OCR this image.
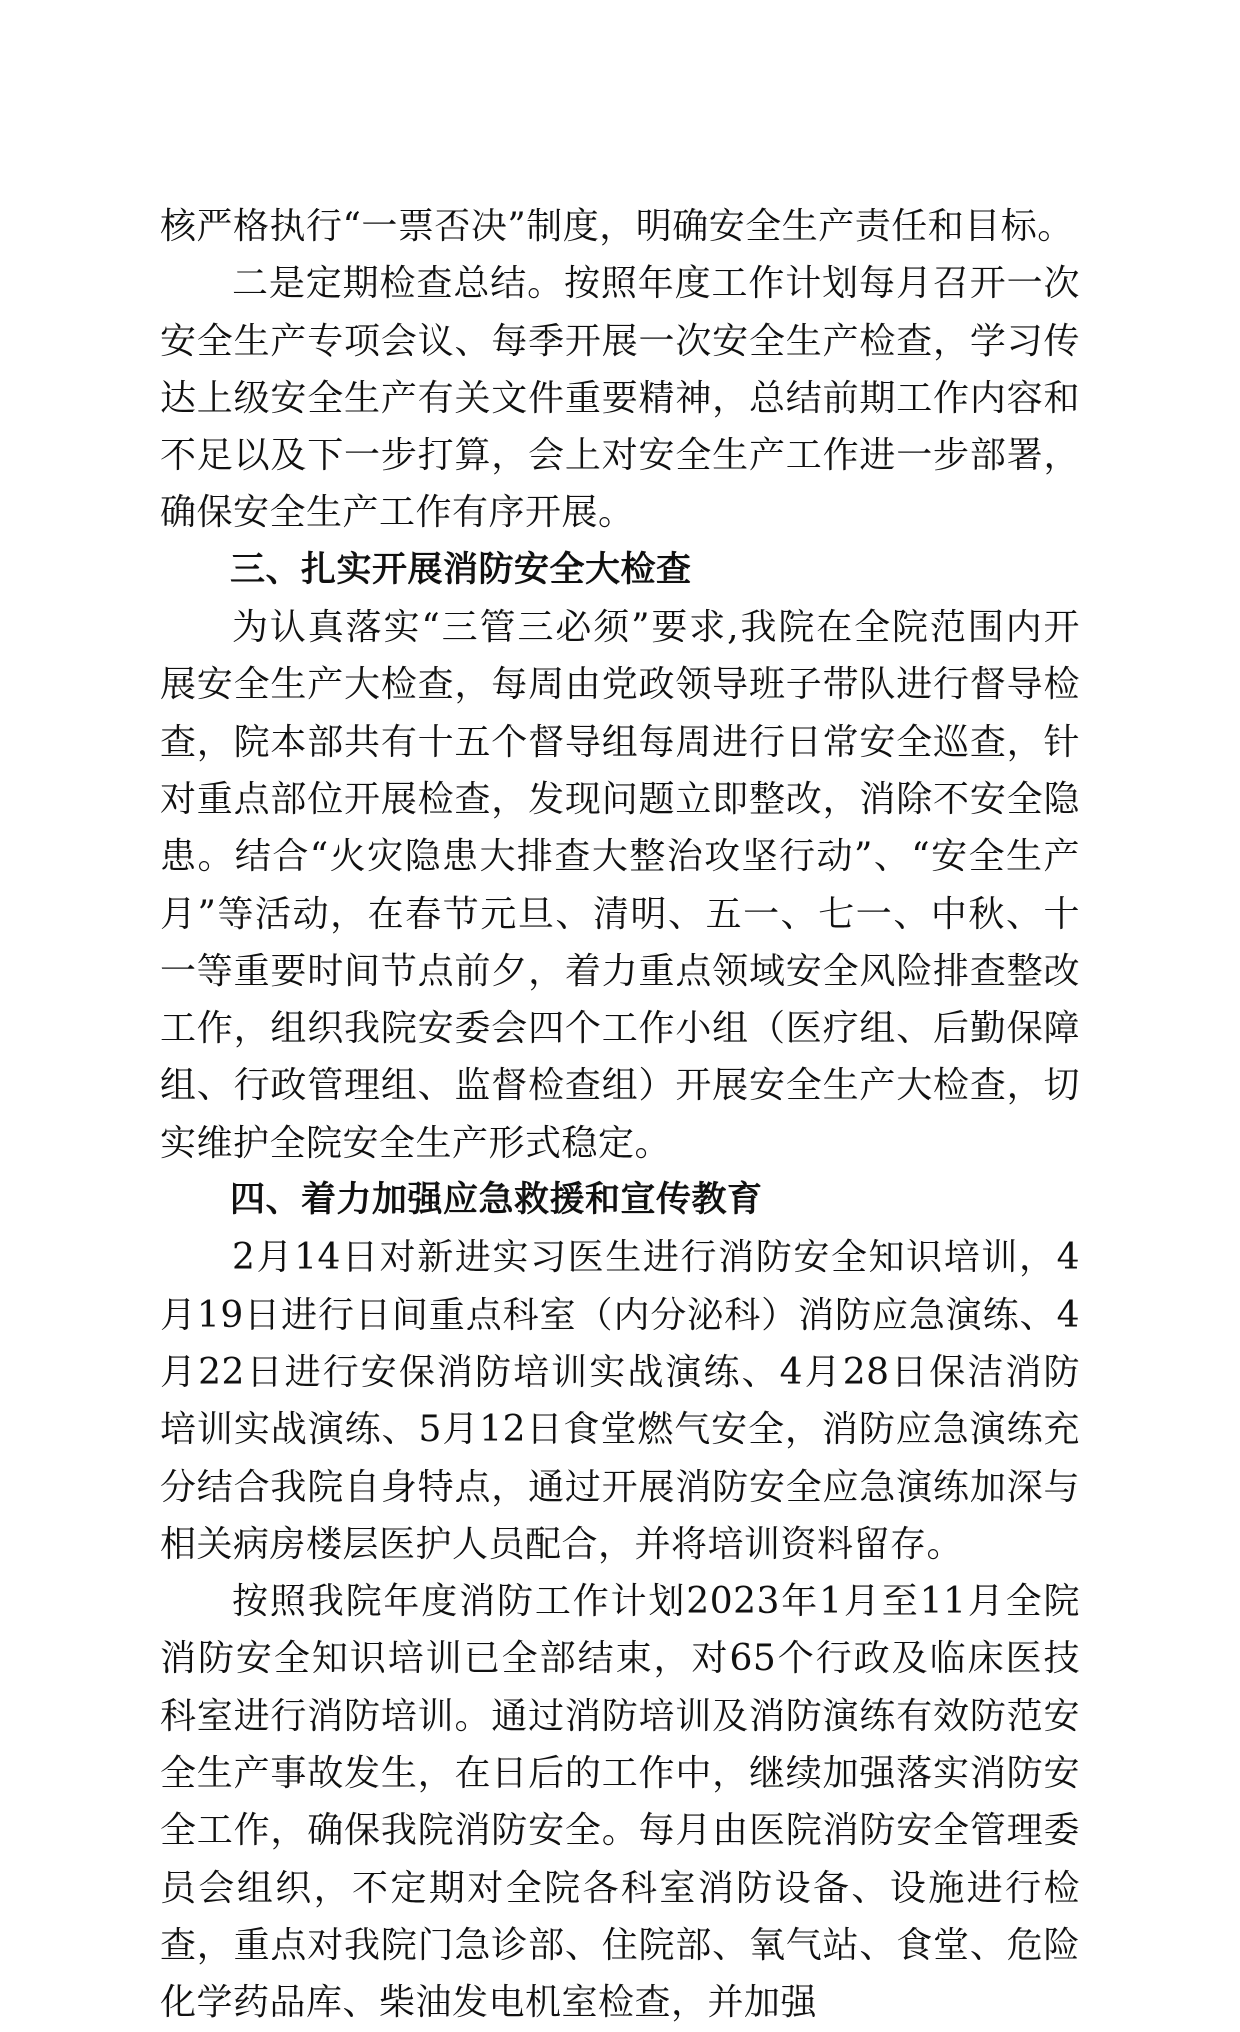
核严格执行“一票否决”制度，明确安全生产责任和目标。

二是定期检查总结。按照年度工作计划每月召开一次安全生产专项会议、每季开展一次安全生产检查，学习传达上级安全生产有关文件重要精神，总结前期工作内容和不足以及下一步打算，会上对安全生产工作进一步部署，确保安全生产工作有序开展。

三、扎实开展消防安全大检查

为认真落实“三管三必须”要求,我院在全院范围内开展安全生产大检查，每周由党政领导班子带队进行督导检查，院本部共有十五个督导组每周进行日常安全巡查，针对重点部位开展检查，发现问题立即整改，消除不安全隐患。结合“火灾隐患大排查大整治攻坚行动”、“安全生产月”等活动，在春节元旦、清明、五一、七一、中秋、十一等重要时间节点前夕，着力重点领域安全风险排查整改工作，组织我院安委会四个工作小组（医疗组、后勤保障组、行政管理组、监督检查组）开展安全生产大检查，切实维护全院安全生产形式稳定。

四、着力加强应急救援和宣传教育

2月14日对新进实习医生进行消防安全知识培训，4月19日进行日间重点科室（内分泌科）消防应急演练、4月22日进行安保消防培训实战演练、4月28日保洁消防培训实战演练、5月12日食堂燃气安全，消防应急演练充分结合我院自身特点，通过开展消防安全应急演练加深与相关病房楼层医护人员配合，并将培训资料留存。

按照我院年度消防工作计划2023年1月至11月全院消防安全知识培训已全部结束，对65个行政及临床医技科室进行消防培训。通过消防培训及消防演练有效防范安全生产事故发生，在日后的工作中，继续加强落实消防安全工作，确保我院消防安全。每月由医院消防安全管理委员会组织，不定期对全院各科室消防设备、设施进行检查，重点对我院门急诊部、住院部、氧气站、食堂、危险化学药品库、柴油发电机室检查，并加强
